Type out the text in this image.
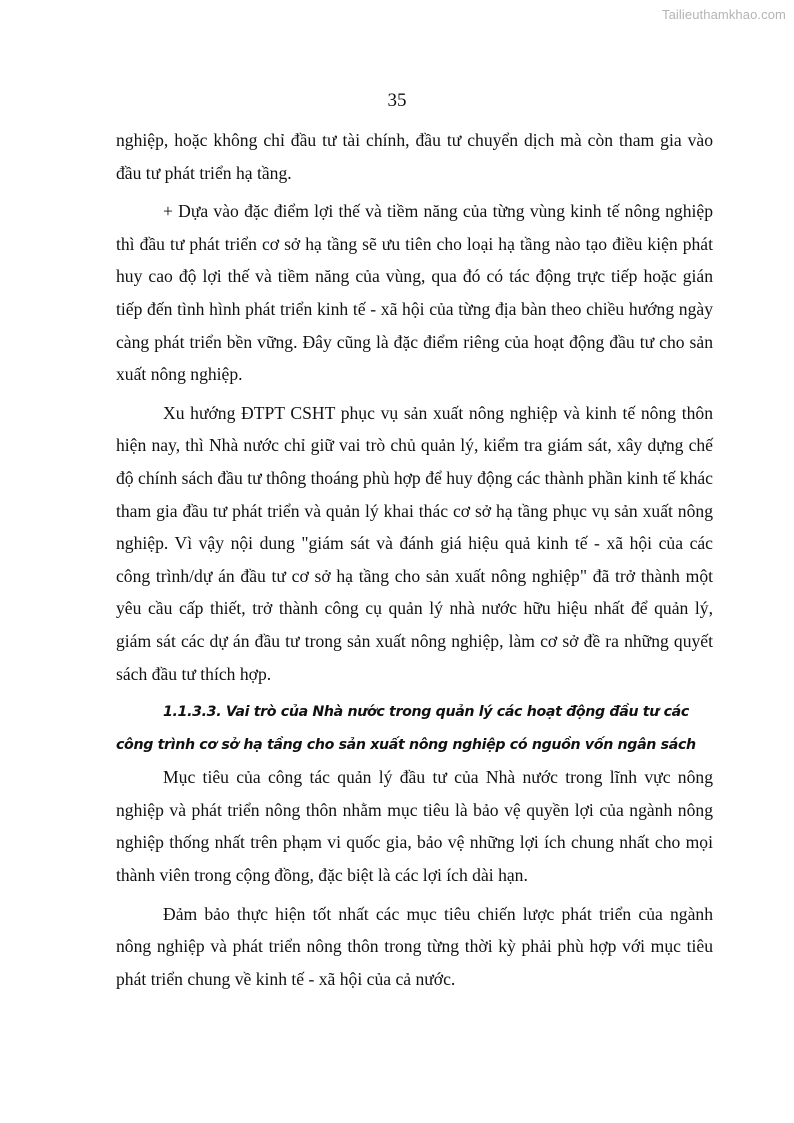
Tailieuthamkhao.com
35

nghiệp, hoặc không chỉ đầu tư tài chính, đầu tư chuyển dịch mà còn tham gia vào đầu tư phát triển hạ tầng.

+ Dựa vào đặc điểm lợi thế và tiềm năng của từng vùng kinh tế nông nghiệp thì đầu tư phát triển cơ sở hạ tầng sẽ ưu tiên cho loại hạ tầng nào tạo điều kiện phát huy cao độ lợi thế và tiềm năng của vùng, qua đó có tác động trực tiếp hoặc gián tiếp đến tình hình phát triển kinh tế - xã hội của từng địa bàn theo chiều hướng ngày càng phát triển bền vững. Đây cũng là đặc điểm riêng của hoạt động đầu tư cho sản xuất nông nghiệp.

Xu hướng ĐTPT CSHT phục vụ sản xuất nông nghiệp và kinh tế nông thôn hiện nay, thì Nhà nước chỉ giữ vai trò chủ quản lý, kiểm tra giám sát, xây dựng chế độ chính sách đầu tư thông thoáng phù hợp để huy động các thành phần kinh tế khác tham gia đầu tư phát triển và quản lý khai thác cơ sở hạ tầng phục vụ sản xuất nông nghiệp. Vì vậy nội dung "giám sát và đánh giá hiệu quả kinh tế - xã hội của các công trình/dự án đầu tư cơ sở hạ tầng cho sản xuất nông nghiệp" đã trở thành một yêu cầu cấp thiết, trở thành công cụ quản lý nhà nước hữu hiệu nhất để quản lý, giám sát các dự án đầu tư trong sản xuất nông nghiệp, làm cơ sở đề ra những quyết sách đầu tư thích hợp.

1.1.3.3. Vai trò của Nhà nước trong quản lý các hoạt động đầu tư các công trình cơ sở hạ tầng cho sản xuất nông nghiệp có nguồn vốn ngân sách

Mục tiêu của công tác quản lý đầu tư của Nhà nước trong lĩnh vực nông nghiệp và phát triển nông thôn nhằm mục tiêu là bảo vệ quyền lợi của ngành nông nghiệp thống nhất trên phạm vi quốc gia, bảo vệ những lợi ích chung nhất cho mọi thành viên trong cộng đồng, đặc biệt là các lợi ích dài hạn.

Đảm bảo thực hiện tốt nhất các mục tiêu chiến lược phát triển của ngành nông nghiệp và phát triển nông thôn trong từng thời kỳ phải phù hợp với mục tiêu phát triển chung về kinh tế - xã hội của cả nước.
